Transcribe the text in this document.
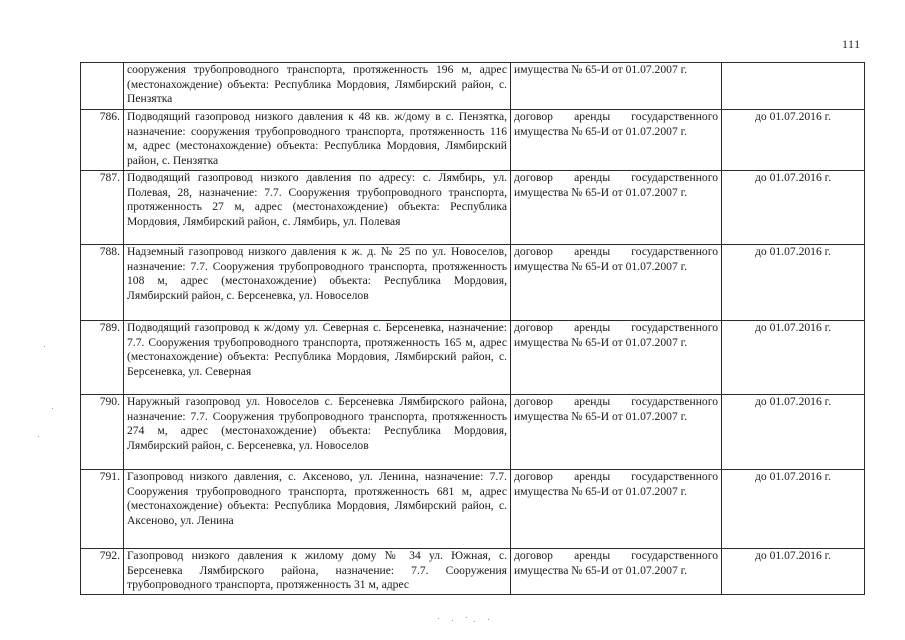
111
	сооружения трубопроводного транспорта, протяженность 196 м, адрес (местонахождение) объекта: Республика Мордовия, Лямбирский район, с. Пензятка	имущества № 65-И от 01.07.2007 г.	
786.	Подводящий газопровод низкого давления к 48 кв. ж/дому в с. Пензятка, назначение: сооружения трубопроводного транспорта, протяженность 116 м, адрес (местонахождение) объекта: Республика Мордовия, Лямбирский район, с. Пензятка	договор аренды государственного имущества № 65-И от 01.07.2007 г.	до 01.07.2016 г.
787.	Подводящий газопровод низкого давления по адресу: с. Лямбирь, ул. Полевая, 28, назначение: 7.7. Сооружения трубопроводного транспорта, протяженность 27 м, адрес (местонахождение) объекта: Республика Мордовия, Лямбирский район, с. Лямбирь, ул. Полевая	договор аренды государственного имущества № 65-И от 01.07.2007 г.	до 01.07.2016 г.
788.	Надземный газопровод низкого давления к ж. д. № 25 по ул. Новоселов, назначение: 7.7. Сооружения трубопроводного транспорта, протяженность 108 м, адрес (местонахождение) объекта: Республика Мордовия, Лямбирский район, с. Берсеневка, ул. Новоселов	договор аренды государственного имущества № 65-И от 01.07.2007 г.	до 01.07.2016 г.
789.	Подводящий газопровод к ж/дому ул. Северная с. Берсеневка, назначение: 7.7. Сооружения трубопроводного транспорта, протяженность 165 м, адрес (местонахождение) объекта: Республика Мордовия, Лямбирский район, с. Берсеневка, ул. Северная	договор аренды государственного имущества № 65-И от 01.07.2007 г.	до 01.07.2016 г.
790.	Наружный газопровод ул. Новоселов с. Берсеневка Лямбирского района, назначение: 7.7. Сооружения трубопроводного транспорта, протяженность 274 м, адрес (местонахождение) объекта: Республика Мордовия, Лямбирский район, с. Берсеневка, ул. Новоселов	договор аренды государственного имущества № 65-И от 01.07.2007 г.	до 01.07.2016 г.
791.	Газопровод низкого давления, с. Аксеново, ул. Ленина, назначение: 7.7. Сооружения трубопроводного транспорта, протяженность 681 м, адрес (местонахождение) объекта: Республика Мордовия, Лямбирский район, с. Аксеново, ул. Ленина	договор аренды государственного имущества № 65-И от 01.07.2007 г.	до 01.07.2016 г.
792.	Газопровод низкого давления к жилому дому № 34 ул. Южная, с. Берсеневка Лямбирского района, назначение: 7.7. Сооружения трубопроводного транспорта, протяженность 31 м, адрес	договор аренды государственного имущества № 65-И от 01.07.2007 г.	до 01.07.2016 г.
